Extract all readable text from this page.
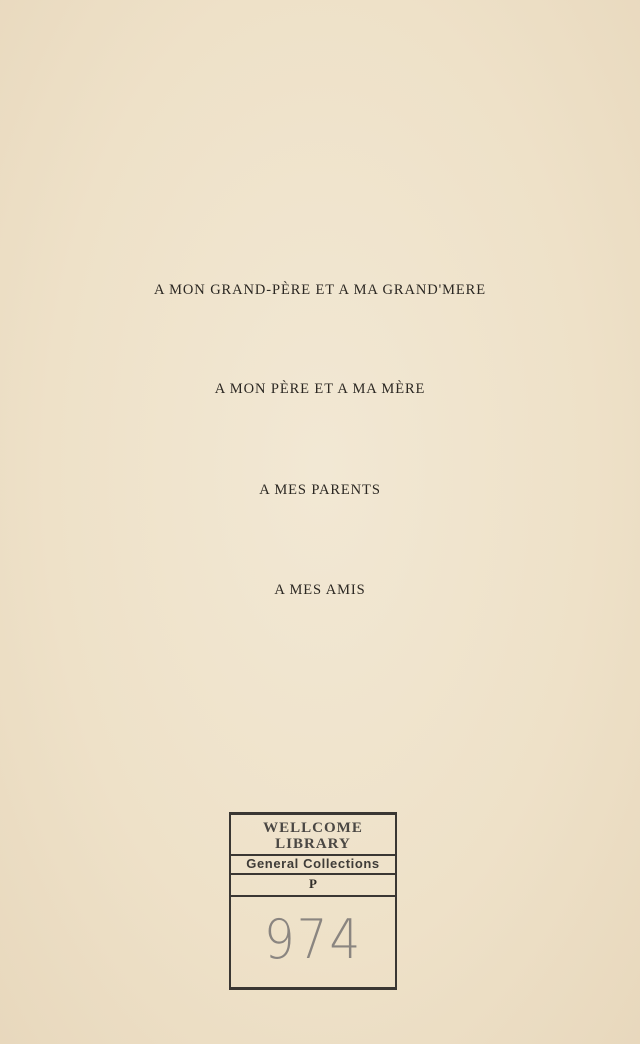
A MON GRAND-PÈRE ET A MA GRAND'MERE
A MON PÈRE ET A MA MÈRE
A MES PARENTS
A MES AMIS
WELLCOME
LIBRARY
General Collections
P
974
